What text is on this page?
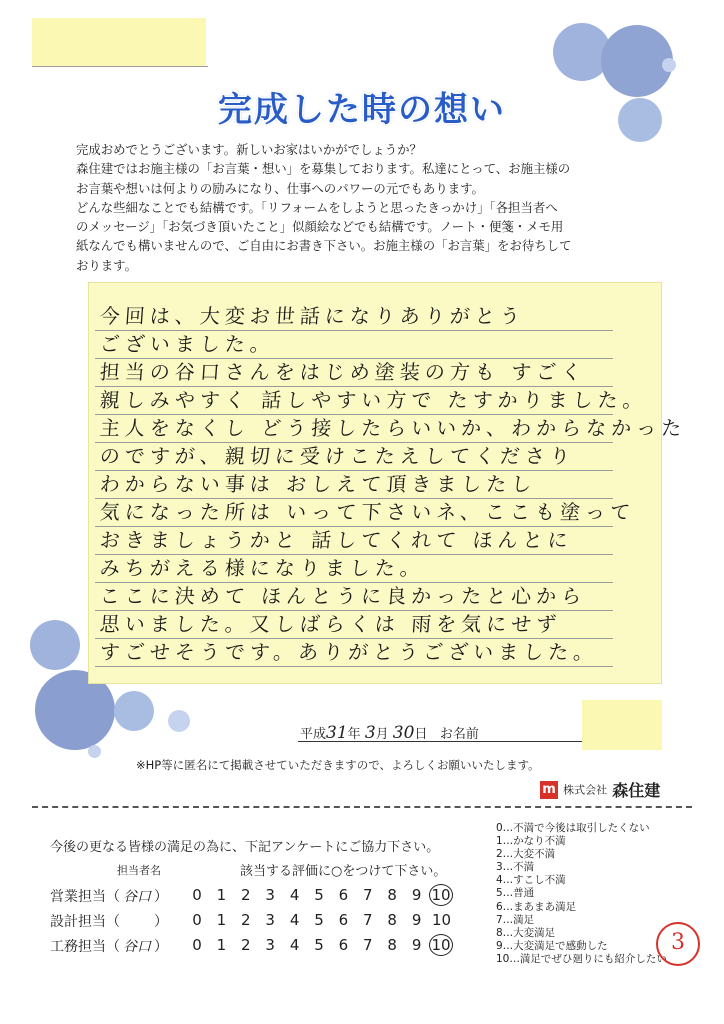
完成した時の想い
完成おめでとうございます。新しいお家はいかがでしょうか？
森住建ではお施主様の「お言葉・想い」を募集しております。私達にとって、お施主様の
お言葉や想いは何よりの励みになり、仕事へのパワーの元でもあります。
どんな些細なことでも結構です。「リフォームをしようと思ったきっかけ」「各担当者へ
のメッセージ」「お気づき頂いたこと」似顔絵などでも結構です。ノート・便箋・メモ用
紙なんでも構いませんので、ご自由にお書き下さい。お施主様の「お言葉」をお待ちして
おります。
今回は、大変お世話になりありがとう
ございました。
担当の谷口さんをはじめ塗装の方も すごく
親しみやすく 話しやすい方で たすかりました。
主人をなくし どう接したらいいか、わからなかった
のですが、親切に受けこたえしてくださり
わからない事は おしえて頂きましたし
気になった所は いって下さいネ、ここも塗って
おきましょうかと 話してくれて ほんとに
みちがえる様になりました。
ここに決めて ほんとうに良かったと心から
思いました。又しばらくは 雨を気にせず
すごせそうです。ありがとうございました。
平成31年 3月 30日 お名前
※HP等に匿名にて掲載させていただきますので、よろしくお願いいたします。
m 株式会社 森住建
今後の更なる皆様の満足の為に、下記アンケートにご協力下さい。
担当者名	該当する評価に○をつけて下さい。
営業担当（ 谷口 ）
設計担当（ ）
工務担当（ 谷口 ）
0 1 2 3 4 5 6 7 8 9 10
0 1 2 3 4 5 6 7 8 9 10
0 1 2 3 4 5 6 7 8 9 10
0…不満で今後は取引したくない
1…かなり不満
2…大変不満
3…不満
4…すこし不満
5…普通
6…まあまあ満足
7…満足
8…大変満足
9…大変満足で感動した
10…満足でぜひ廻りにも紹介したい
3
